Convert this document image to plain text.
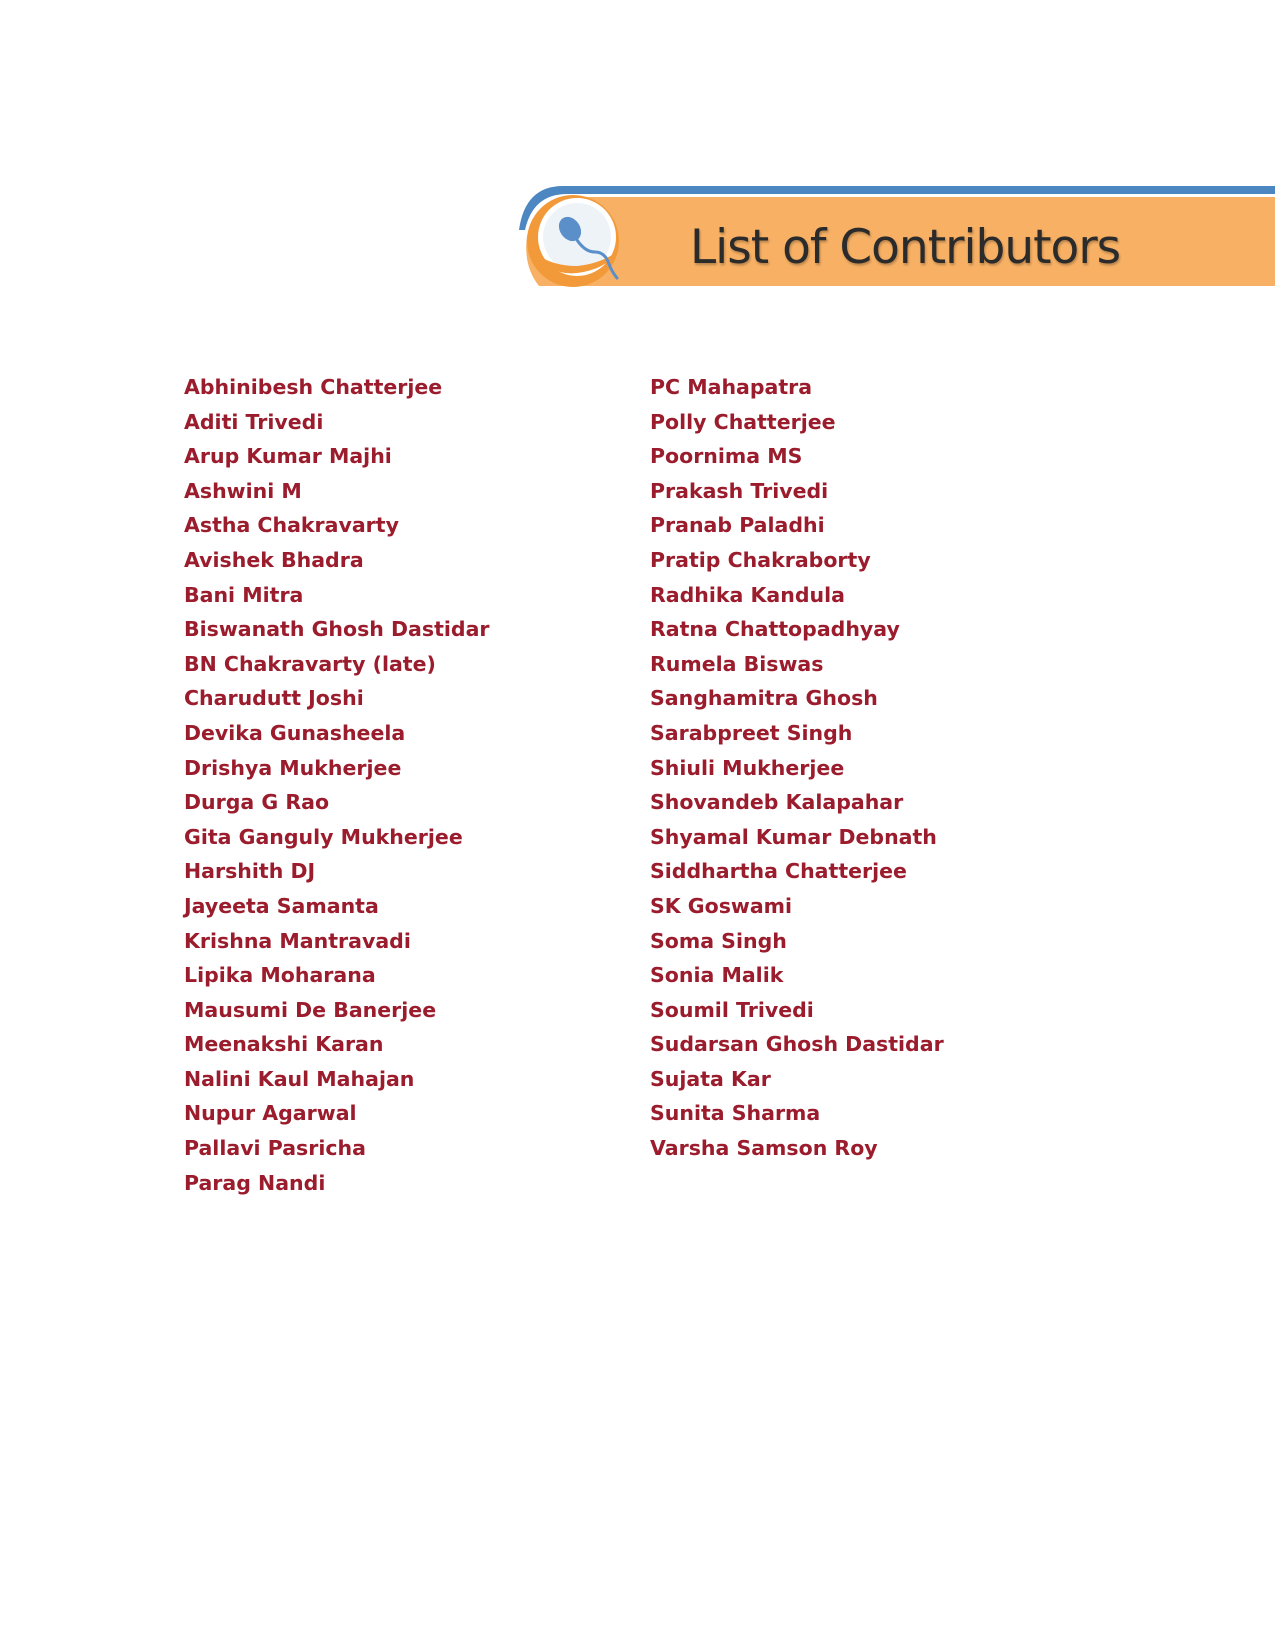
List of Contributors
Abhinibesh Chatterjee
Aditi Trivedi
Arup Kumar Majhi
Ashwini M
Astha Chakravarty
Avishek Bhadra
Bani Mitra
Biswanath Ghosh Dastidar
BN Chakravarty (late)
Charudutt Joshi
Devika Gunasheela
Drishya Mukherjee
Durga G Rao
Gita Ganguly Mukherjee
Harshith DJ
Jayeeta Samanta
Krishna Mantravadi
Lipika Moharana
Mausumi De Banerjee
Meenakshi Karan
Nalini Kaul Mahajan
Nupur Agarwal
Pallavi Pasricha
Parag Nandi
PC Mahapatra
Polly Chatterjee
Poornima MS
Prakash Trivedi
Pranab Paladhi
Pratip Chakraborty
Radhika Kandula
Ratna Chattopadhyay
Rumela Biswas
Sanghamitra Ghosh
Sarabpreet Singh
Shiuli Mukherjee
Shovandeb Kalapahar
Shyamal Kumar Debnath
Siddhartha Chatterjee
SK Goswami
Soma Singh
Sonia Malik
Soumil Trivedi
Sudarsan Ghosh Dastidar
Sujata Kar
Sunita Sharma
Varsha Samson Roy
